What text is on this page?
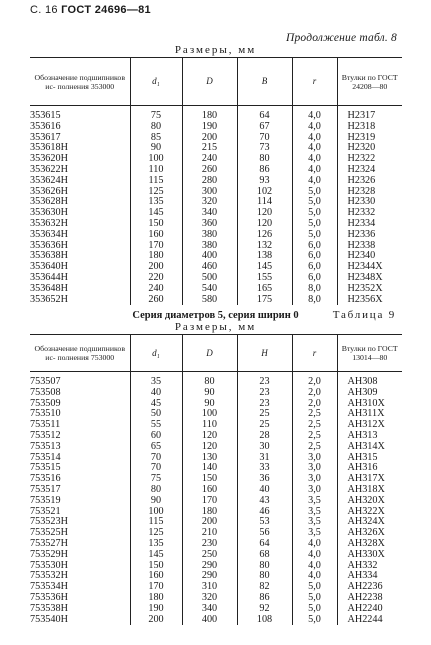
С. 16 ГОСТ 24696—81
Продолжение табл. 8
Размеры, мм
Обозначение подшипников ис- полнения 353000	d₁	D	B	r	Втулки по ГОСТ 24208—80
353615	75	180	64	4,0	H2317
353616	80	190	67	4,0	H2318
353617	85	200	70	4,0	H2319
353618H	90	215	73	4,0	H2320
353620H	100	240	80	4,0	H2322
353622H	110	260	86	4,0	H2324
353624H	115	280	93	4,0	H2326
353626H	125	300	102	5,0	H2328
353628H	135	320	114	5,0	H2330
353630H	145	340	120	5,0	H2332
353632H	150	360	120	5,0	H2334
353634H	160	380	126	5,0	H2336
353636H	170	380	132	6,0	H2338
353638H	180	400	138	6,0	H2340
353640H	200	460	145	6,0	H2344X
353644H	220	500	155	6,0	H2348X
353648H	240	540	165	8,0	H2352X
353652H	260	580	175	8,0	H2356X
Серия диаметров 5, серия ширин 0	Таблица 9
Размеры, мм
Обозначение подшипников ис- полнения 753000	d₁	D	H	r	Втулки по ГОСТ 13014—80
753507	35	80	23	2,0	AH308
753508	40	90	23	2,0	AH309
753509	45	90	23	2,0	AH310X
753510	50	100	25	2,5	AH311X
753511	55	110	25	2,5	AH312X
753512	60	120	28	2,5	AH313
753513	65	120	30	2,5	AH314X
753514	70	130	31	3,0	AH315
753515	70	140	33	3,0	AH316
753516	75	150	36	3,0	AH317X
753517	80	160	40	3,0	AH318X
753519	90	170	43	3,5	AH320X
753521	100	180	46	3,5	AH322X
753523H	115	200	53	3,5	AH324X
753525H	125	210	56	3,5	AH326X
753527H	135	230	64	4,0	AH328X
753529H	145	250	68	4,0	AH330X
753530H	150	290	80	4,0	AH332
753532H	160	290	80	4,0	AH334
753534H	170	310	82	5,0	AH2236
753536H	180	320	86	5,0	AH2238
753538H	190	340	92	5,0	AH2240
753540H	200	400	108	5,0	AH2244
